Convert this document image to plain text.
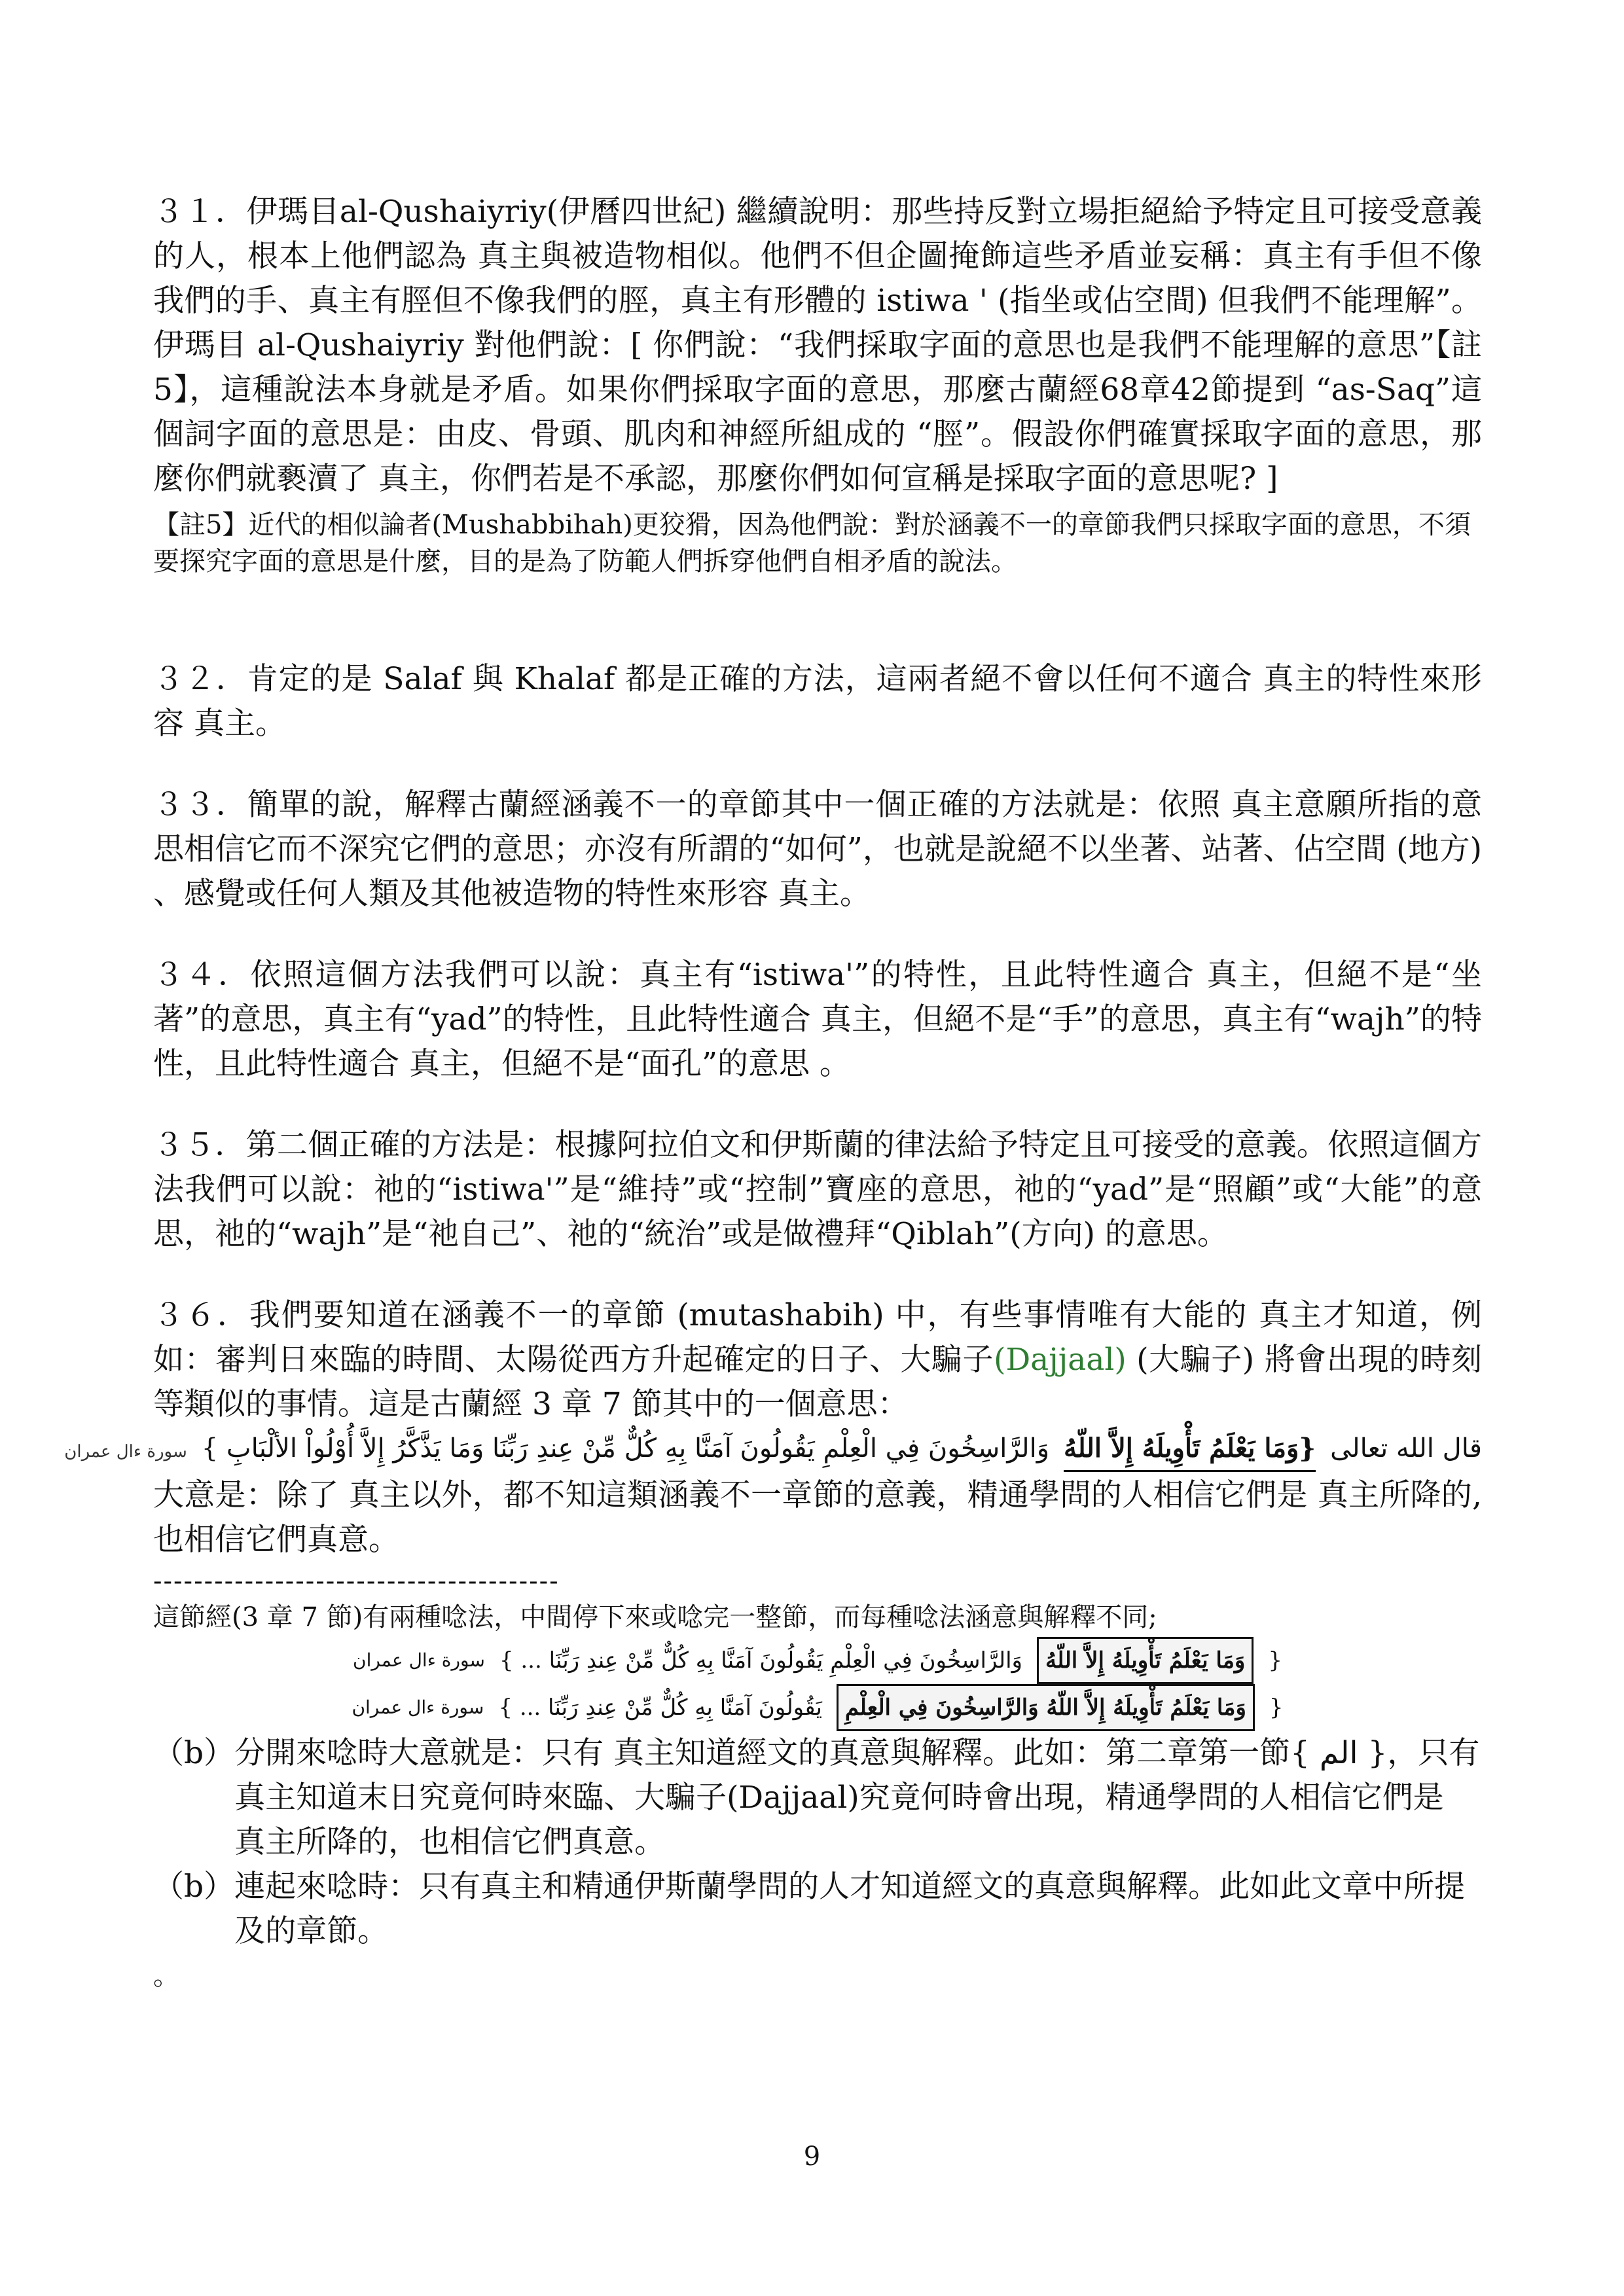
３１．伊瑪目al-Qushaiyriy(伊曆四世紀) 繼續說明：那些持反對立場拒絕給予特定且可接受意義的人，根本上他們認為 真主與被造物相似。他們不但企圖掩飾這些矛盾並妄稱：真主有手但不像我們的手、真主有脛但不像我們的脛，真主有形體的 istiwa ' (指坐或佔空間) 但我們不能理解”。伊瑪目 al-Qushaiyriy 對他們說：[ 你們說：“我們採取字面的意思也是我們不能理解的意思”【註5】，這種說法本身就是矛盾。如果你們採取字面的意思，那麼古蘭經68章42節提到 “as-Saq”這個詞字面的意思是：由皮、骨頭、肌肉和神經所組成的 “脛”。假設你們確實採取字面的意思，那麼你們就褻瀆了 真主，你們若是不承認，那麼你們如何宣稱是採取字面的意思呢? ]

【註5】近代的相似論者(Mushabbihah)更狡猾，因為他們說：對於涵義不一的章節我們只採取字面的意思，不須要探究字面的意思是什麼，目的是為了防範人們拆穿他們自相矛盾的說法。

３２．肯定的是 Salaf 與 Khalaf 都是正確的方法，這兩者絕不會以任何不適合 真主的特性來形容 真主。

３３．簡單的說，解釋古蘭經涵義不一的章節其中一個正確的方法就是：依照 真主意願所指的意思相信它而不深究它們的意思；亦沒有所謂的“如何”，也就是說絕不以坐著、站著、佔空間 (地方) 、感覺或任何人類及其他被造物的特性來形容 真主。

３４．依照這個方法我們可以說：真主有“istiwa'”的特性，且此特性適合 真主，但絕不是“坐著”的意思，真主有“yad”的特性，且此特性適合 真主，但絕不是“手”的意思，真主有“wajh”的特性，且此特性適合 真主，但絕不是“面孔”的意思 。

３５．第二個正確的方法是：根據阿拉伯文和伊斯蘭的律法給予特定且可接受的意義。依照這個方法我們可以說：祂的“istiwa'”是“維持”或“控制”寶座的意思，祂的“yad”是“照顧”或“大能”的意思，祂的“wajh”是“祂自己”、祂的“統治”或是做禮拜“Qiblah”(方向) 的意思。

３６．我們要知道在涵義不一的章節 (mutashabih) 中，有些事情唯有大能的 真主才知道，例如：審判日來臨的時間、太陽從西方升起確定的日子、大騙子(Dajjaal) (大騙子) 將會出現的時刻等類似的事情。這是古蘭經 3 章 7 節其中的一個意思：

قال الله تعالى
{وَمَا يَعْلَمُ تَأْوِيلَهُ إِلاَّ اللّهُ
وَالرَّاسِخُونَ فِي الْعِلْمِ يَقُولُونَ آمَنَّا بِهِ كُلٌّ مِّنْ عِندِ رَبِّنَا وَمَا يَذَّكَّرُ إِلاَّ أُوْلُواْ الألْبَابِ }
سورة ءال عمران

大意是：除了 真主以外，都不知這類涵義不一章節的意義，精通學問的人相信它們是 真主所降的,也相信它們真意。

----------------------------------------

這節經(3 章 7 節)有兩種唸法，中間停下來或唸完一整節，而每種唸法涵意與解釋不同;

{
وَمَا يَعْلَمُ تَأْوِيلَهُ إِلاَّ اللّهُ
وَالرَّاسِخُونَ فِي الْعِلْمِ يَقُولُونَ آمَنَّا بِهِ كُلٌّ مِّنْ عِندِ رَبِّنَا ... }
سورة ءال عمران
{
وَمَا يَعْلَمُ تَأْوِيلَهُ إِلاَّ اللّهُ وَالرَّاسِخُونَ فِي الْعِلْمِ
يَقُولُونَ آمَنَّا بِهِ كُلٌّ مِّنْ عِندِ رَبِّنَا ... }
سورة ءال عمران
（b） 分開來唸時大意就是：只有 真主知道經文的真意與解釋。此如：第二章第一節{ الم }，只有 真主知道末日究竟何時來臨、大騙子(Dajjaal)究竟何時會出現，精通學問的人相信它們是 真主所降的，也相信它們真意。
（b） 連起來唸時：只有真主和精通伊斯蘭學問的人才知道經文的真意與解釋。此如此文章中所提及的章節。

。

9
